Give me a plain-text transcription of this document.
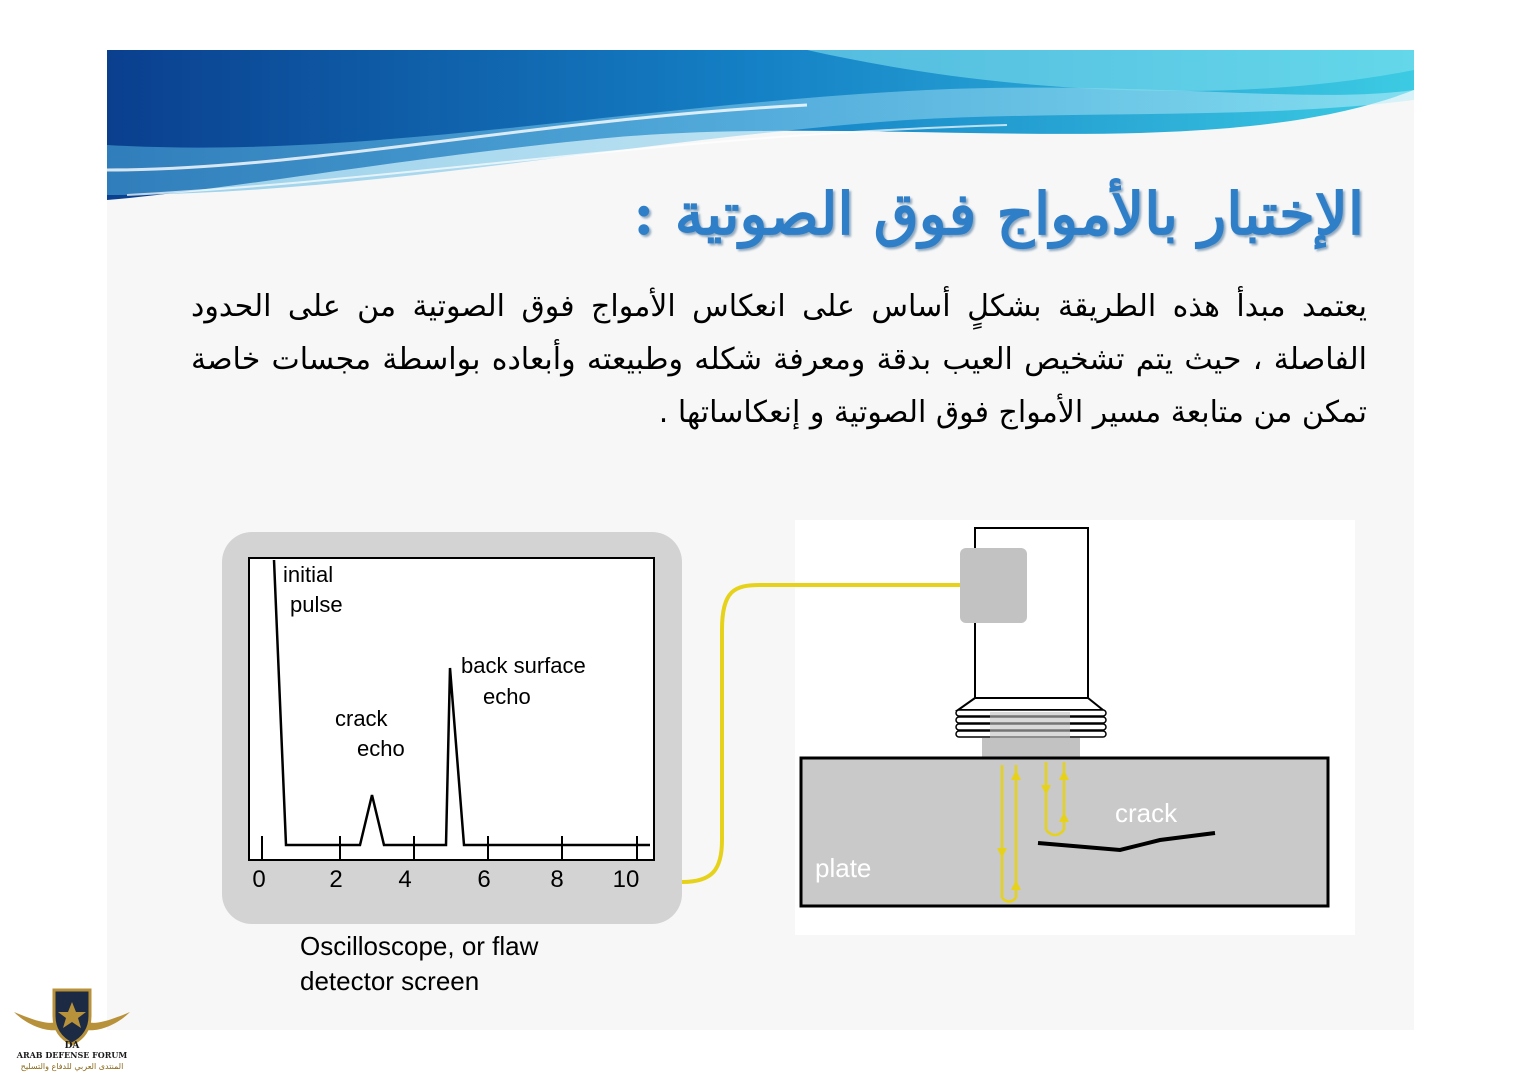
الإختبار بالأمواج فوق الصوتية :

يعتمد مبدأ هذه الطريقة بشكلٍ أساس على انعكاس الأمواج فوق الصوتية من على الحدود الفاصلة ، حيث يتم تشخيص العيب بدقة ومعرفة شكله وطبيعته وأبعاده بواسطة مجسات خاصة تمكن من متابعة مسير الأمواج فوق الصوتية و إنعكاساتها .

initial
pulse
crack
echo
back surface
echo
0	2 4	6 8 10
Oscilloscope, or flaw
detector screen
plate
crack
DA
ARAB DEFENSE FORUM
المنتدى العربي للدفاع والتسليح
